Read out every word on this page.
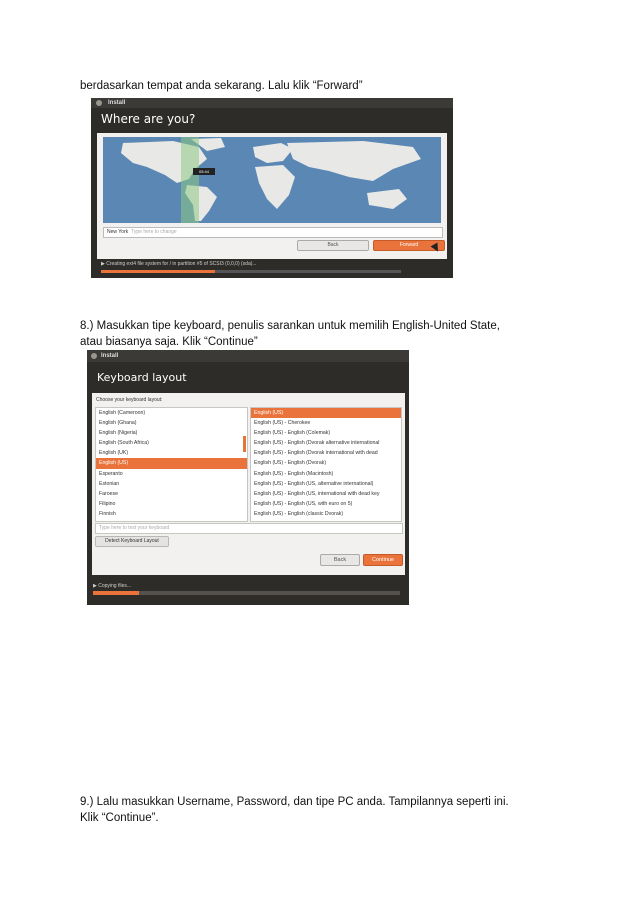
berdasarkan tempat anda sekarang. Lalu klik “Forward”

Install
Where are you?
05:44
New York Type here to change
Back	Forward
▶ Creating ext4 file system for / in partition #5 of SCSI3 (0,0,0) (sda)...

8.) Masukkan tipe keyboard, penulis sarankan untuk memilih English-United State,

atau biasanya saja. Klik “Continue”

Install
Keyboard layout
Choose your keyboard layout:
English (Cameroon)
English (Ghana)
English (Nigeria)
English (South Africa)
English (UK)
English (US)
Esperanto
Estonian
Faroese
Filipino
Finnish
English (US)
English (US) - Cherokee
English (US) - English (Colemak)
English (US) - English (Dvorak alternative international
English (US) - English (Dvorak international with dead
English (US) - English (Dvorak)
English (US) - English (Macintosh)
English (US) - English (US, alternative international)
English (US) - English (US, international with dead key
English (US) - English (US, with euro on 5)
English (US) - English (classic Dvorak)
Type here to test your keyboard
Detect Keyboard Layout
Back	Continue
▶ Copying files...

9.) Lalu masukkan Username, Password, dan tipe PC anda. Tampilannya seperti ini.

Klik “Continue”.
